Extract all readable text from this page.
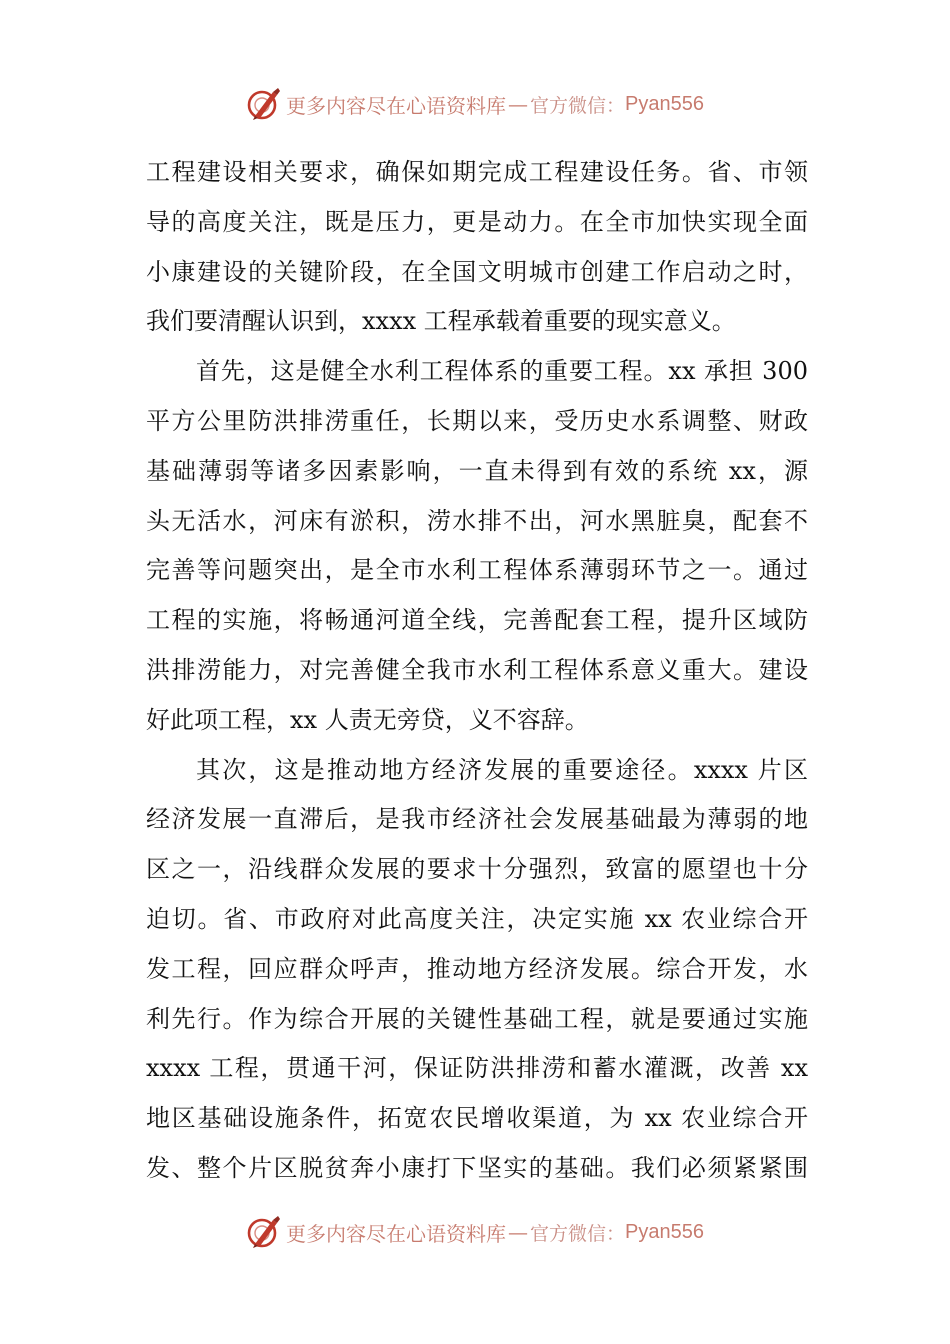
更多内容尽在心语资料库 — 官方微信： Pyan556
工程建设相关要求，确保如期完成工程建设任务。省、市领
导的高度关注，既是压力，更是动力。在全市加快实现全面
小康建设的关键阶段，在全国文明城市创建工作启动之时，
我们要清醒认识到，xxxx 工程承载着重要的现实意义。
首先，这是健全水利工程体系的重要工程。xx 承担 300
平方公里防洪排涝重任，长期以来，受历史水系调整、财政
基础薄弱等诸多因素影响，一直未得到有效的系统 xx，源
头无活水，河床有淤积，涝水排不出，河水黑脏臭，配套不
完善等问题突出，是全市水利工程体系薄弱环节之一。通过
工程的实施，将畅通河道全线，完善配套工程，提升区域防
洪排涝能力，对完善健全我市水利工程体系意义重大。建设
好此项工程，xx 人责无旁贷，义不容辞。
其次，这是推动地方经济发展的重要途径。xxxx 片区
经济发展一直滞后，是我市经济社会发展基础最为薄弱的地
区之一，沿线群众发展的要求十分强烈，致富的愿望也十分
迫切。省、市政府对此高度关注，决定实施 xx 农业综合开
发工程，回应群众呼声，推动地方经济发展。综合开发，水
利先行。作为综合开展的关键性基础工程，就是要通过实施
xxxx 工程，贯通干河，保证防洪排涝和蓄水灌溉，改善 xx
地区基础设施条件，拓宽农民增收渠道，为 xx 农业综合开
发、整个片区脱贫奔小康打下坚实的基础。我们必须紧紧围
更多内容尽在心语资料库 — 官方微信： Pyan556
